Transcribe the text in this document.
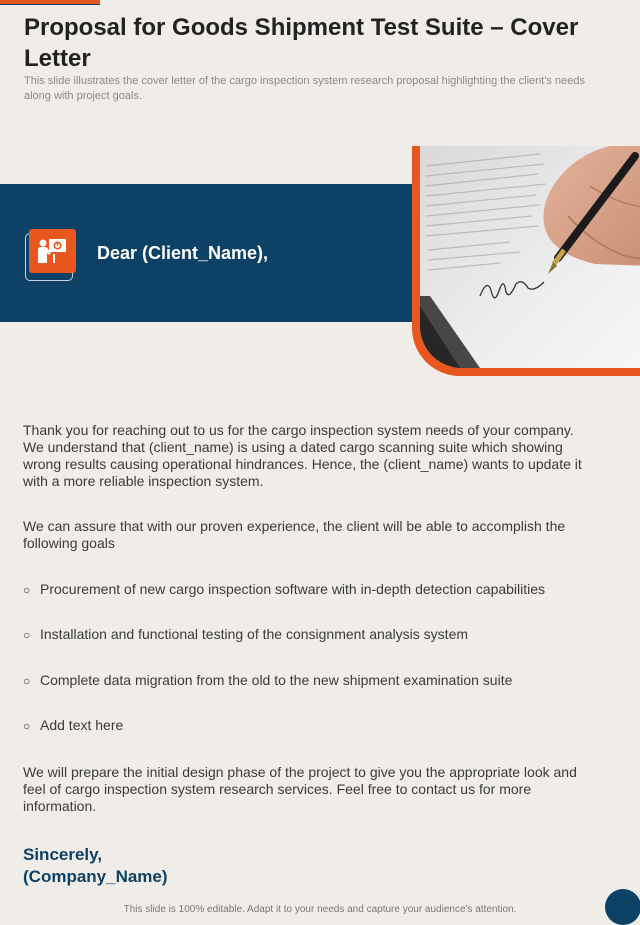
Proposal for Goods Shipment Test Suite – Cover Letter

This slide illustrates the cover letter of the cargo inspection system research proposal highlighting the client's needs along with project goals.

Dear (Client_Name),

Thank you for reaching out to us for the cargo inspection system needs of your company. We understand that (client_name) is using a dated cargo scanning suite which showing wrong results causing operational hindrances. Hence, the (client_name) wants to update it with a more reliable inspection system.

We can assure that with our proven experience, the client will be able to accomplish the following goals

○ Procurement of new cargo inspection software with in-depth detection capabilities
○ Installation and functional testing of the consignment analysis system
○ Complete data migration from the old to the new shipment examination suite
○ Add text here

We will prepare the initial design phase of the project to give you the appropriate look and feel of cargo inspection system research services. Feel free to contact us for more information.

Sincerely,
(Company_Name)
This slide is 100% editable. Adapt it to your needs and capture your audience's attention.
